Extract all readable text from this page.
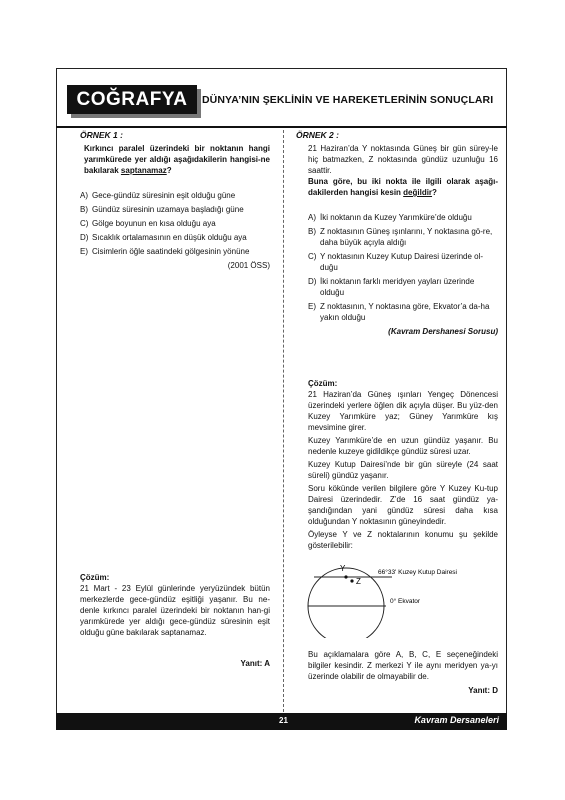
COĞRAFYA	DÜNYA’NIN ŞEKLİNİN VE HAREKETLERİNİN SONUÇLARI
ÖRNEK 1 :
Kırkıncı paralel üzerindeki bir noktanın hangi yarımkürede yer aldığı aşağıdakilerin hangisi-ne bakılarak saptanamaz?
A) Gece-gündüz süresinin eşit olduğu güne
B) Gündüz süresinin uzamaya başladığı güne
C) Gölge boyunun en kısa olduğu aya
D) Sıcaklık ortalamasının en düşük olduğu aya
E) Cisimlerin öğle saatindeki gölgesinin yönüne
(2001 ÖSS)
Çözüm:
21 Mart - 23 Eylül günlerinde yeryüzündek bütün merkezlerde gece-gündüz eşitliği yaşanır. Bu ne-denle kırkıncı paralel üzerindeki bir noktanın han-gi yarımkürede yer aldığı gece-gündüz süresinin eşit olduğu güne bakılarak saptanamaz.
Yanıt: A
ÖRNEK 2 :
21 Haziran’da Y noktasında Güneş bir gün sürey-le hiç batmazken, Z noktasında gündüz uzunluğu 16 saattir.
Buna göre, bu iki nokta ile ilgili olarak aşağı-dakilerden hangisi kesin değildir?
A) İki noktanın da Kuzey Yarımküre’de olduğu
B) Z noktasının Güneş ışınlarını, Y noktasına gö-re, daha büyük açıyla aldığı
C) Y noktasının Kuzey Kutup Dairesi üzerinde ol-duğu
D) İki noktanın farklı meridyen yayları üzerinde olduğu
E) Z noktasının, Y noktasına göre, Ekvator’a da-ha yakın olduğu
(Kavram Dershanesi Sorusu)
Çözüm:
21 Haziran’da Güneş ışınları Yengeç Dönencesi üzerindeki yerlere öğlen dik açıyla düşer. Bu yüz-den Kuzey Yarımküre yaz; Güney Yarımküre kış mevsimine girer.
Kuzey Yarımküre’de en uzun gündüz yaşanır. Bu nedenle kuzeye gidildikçe gündüz süresi uzar.
Kuzey Kutup Dairesi’nde bir gün süreyle (24 saat süreli) gündüz yaşanır.
Soru kökünde verilen bilgilere göre Y Kuzey Ku-tup Dairesi üzerindedir. Z’de 16 saat gündüz ya-şandığından yani gündüz süresi daha kısa olduğundan Y noktasının güneyindedir.
Öyleyse Y ve Z noktalarının konumu şu şekilde gösterilebilir:
Y
Z
66°33' Kuzey Kutup Dairesi
0° Ekvator
Bu açıklamalara göre A, B, C, E seçeneğindeki bilgiler kesindir. Z merkezi Y ile aynı meridyen ya-yı üzerinde olabilir de olmayabilir de.
Yanıt: D
21	Kavram Dersaneleri
